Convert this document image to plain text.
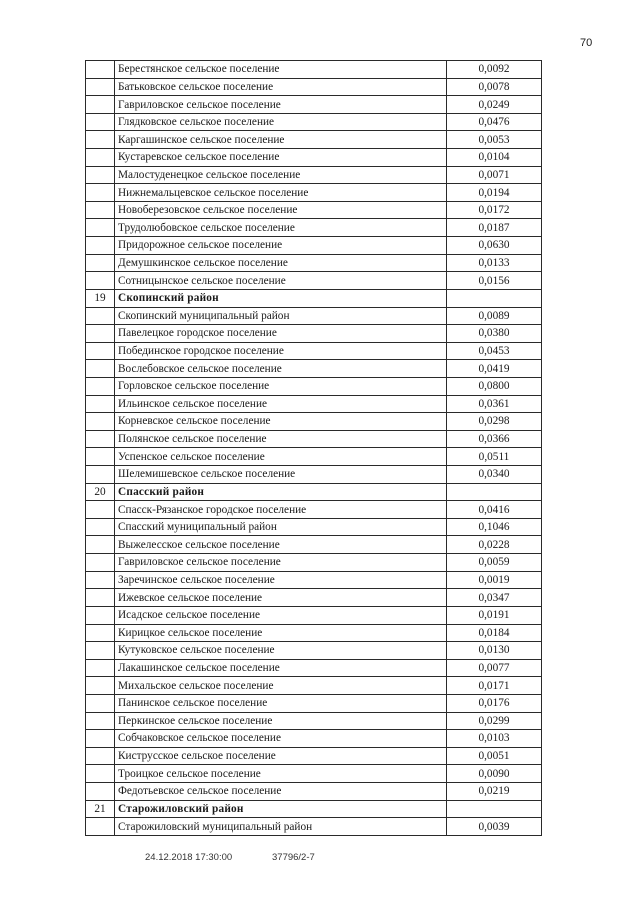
70
	Берестянское сельское поселение	0,0092
	Батьковское сельское поселение	0,0078
	Гавриловское сельское поселение	0,0249
	Глядковское сельское поселение	0,0476
	Каргашинское сельское поселение	0,0053
	Кустаревское сельское поселение	0,0104
	Малостуденецкое сельское поселение	0,0071
	Нижнемальцевское сельское поселение	0,0194
	Новоберезовское сельское поселение	0,0172
	Трудолюбовское сельское поселение	0,0187
	Придорожное сельское поселение	0,0630
	Демушкинское сельское поселение	0,0133
	Сотницынское сельское поселение	0,0156
19	Скопинский район	
	Скопинский муниципальный район	0,0089
	Павелецкое городское поселение	0,0380
	Побединское городское поселение	0,0453
	Вослебовское сельское поселение	0,0419
	Горловское сельское поселение	0,0800
	Ильинское сельское поселение	0,0361
	Корневское сельское поселение	0,0298
	Полянское сельское поселение	0,0366
	Успенское сельское поселение	0,0511
	Шелемишевское сельское поселение	0,0340
20	Спасский район	
	Спасск-Рязанское городское поселение	0,0416
	Спасский муниципальный район	0,1046
	Выжелесское сельское поселение	0,0228
	Гавриловское сельское поселение	0,0059
	Заречинское сельское поселение	0,0019
	Ижевское сельское поселение	0,0347
	Исадское сельское поселение	0,0191
	Кирицкое сельское поселение	0,0184
	Кутуковское сельское поселение	0,0130
	Лакашинское сельское поселение	0,0077
	Михальское сельское поселение	0,0171
	Панинское сельское поселение	0,0176
	Перкинское сельское поселение	0,0299
	Собчаковское сельское поселение	0,0103
	Киструсское сельское поселение	0,0051
	Троицкое сельское поселение	0,0090
	Федотьевское сельское поселение	0,0219
21	Старожиловский район	
	Старожиловский муниципальный район	0,0039
24.12.2018 17:30:00	37796/2-7
